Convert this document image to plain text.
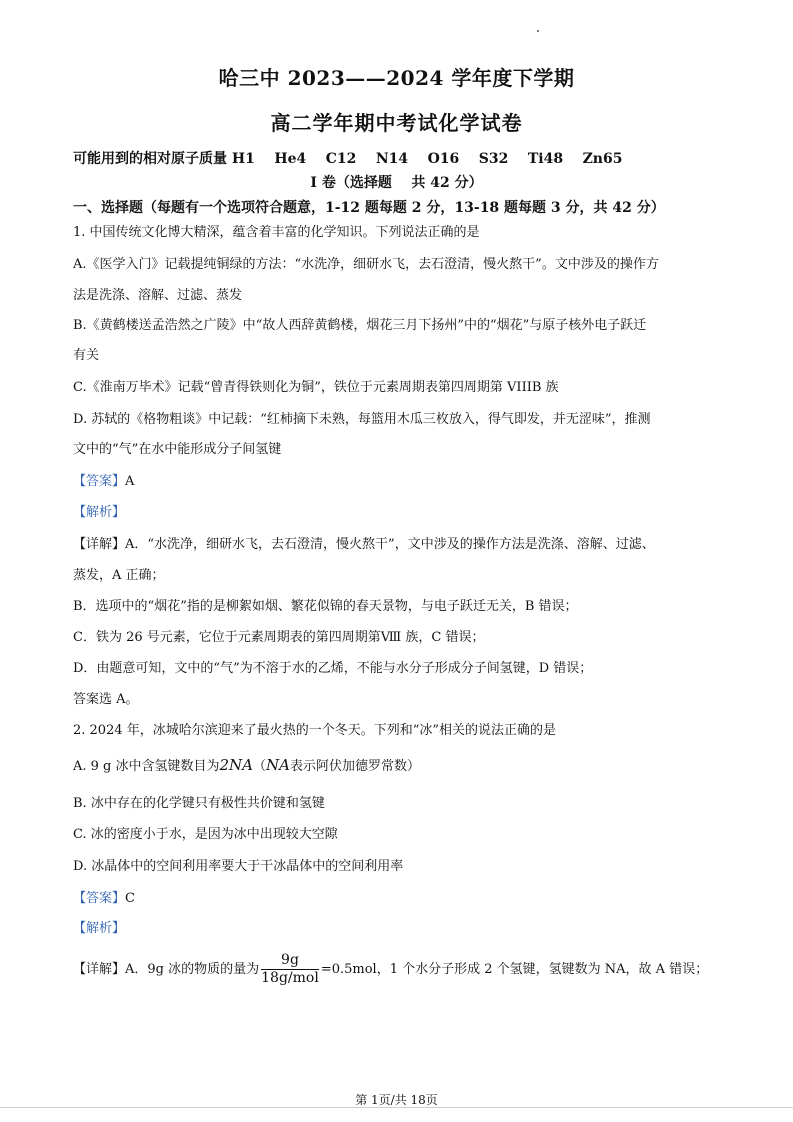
哈三中 2023——2024 学年度下学期
高二学年期中考试化学试卷
可能用到的相对原子质量 H1    He4    C12    N14    O16    S32    Ti48    Zn65
I 卷（选择题    共 42 分）
一、选择题（每题有一个选项符合题意，1-12 题每题 2 分，13-18 题每题 3 分，共 42 分）
1. 中国传统文化博大精深，蕴含着丰富的化学知识。下列说法正确的是
A.《医学入门》记载提纯铜绿的方法：“水洗净，细研水飞，去石澄清，慢火熬干”。文中涉及的操作方
法是洗涤、溶解、过滤、蒸发
B.《黄鹤楼送孟浩然之广陵》中“故人西辞黄鹤楼，烟花三月下扬州”中的“烟花”与原子核外电子跃迁
有关
C.《淮南万毕术》记载“曾青得铁则化为铜”，铁位于元素周期表第四周期第 VIIIB 族
D. 苏轼的《格物粗谈》中记载：“红柿摘下未熟，每篮用木瓜三枚放入，得气即发，并无涩味”，推测
文中的“气”在水中能形成分子间氢键
【答案】A
【解析】
【详解】A．“水洗净，细研水飞，去石澄清，慢火熬干”，文中涉及的操作方法是洗涤、溶解、过滤、
蒸发，A 正确；
B．选项中的“烟花”指的是柳絮如烟、繁花似锦的春天景物，与电子跃迁无关，B 错误；
C．铁为 26 号元素，它位于元素周期表的第四周期第Ⅷ 族，C 错误；
D．由题意可知，文中的“气”为不溶于水的乙烯，不能与水分子形成分子间氢键，D 错误；
答案选 A。
2. 2024 年，冰城哈尔滨迎来了最火热的一个冬天。下列和“冰”相关的说法正确的是
A. 9 g 冰中含氢键数目为2NA（NA表示阿伏加德罗常数）
B. 冰中存在的化学键只有极性共价键和氢键
C. 冰的密度小于水，是因为冰中出现较大空隙
D. 冰晶体中的空间利用率要大于干冰晶体中的空间利用率
【答案】C
【解析】
【详解】A．9g 冰的物质的量为 $\frac{9g}{\text{18g/mol}} =0.5mol$，1 个水分子形成 2 个氢键，氢键数为 NA，故 A 错误；
第 1页/共 18页
